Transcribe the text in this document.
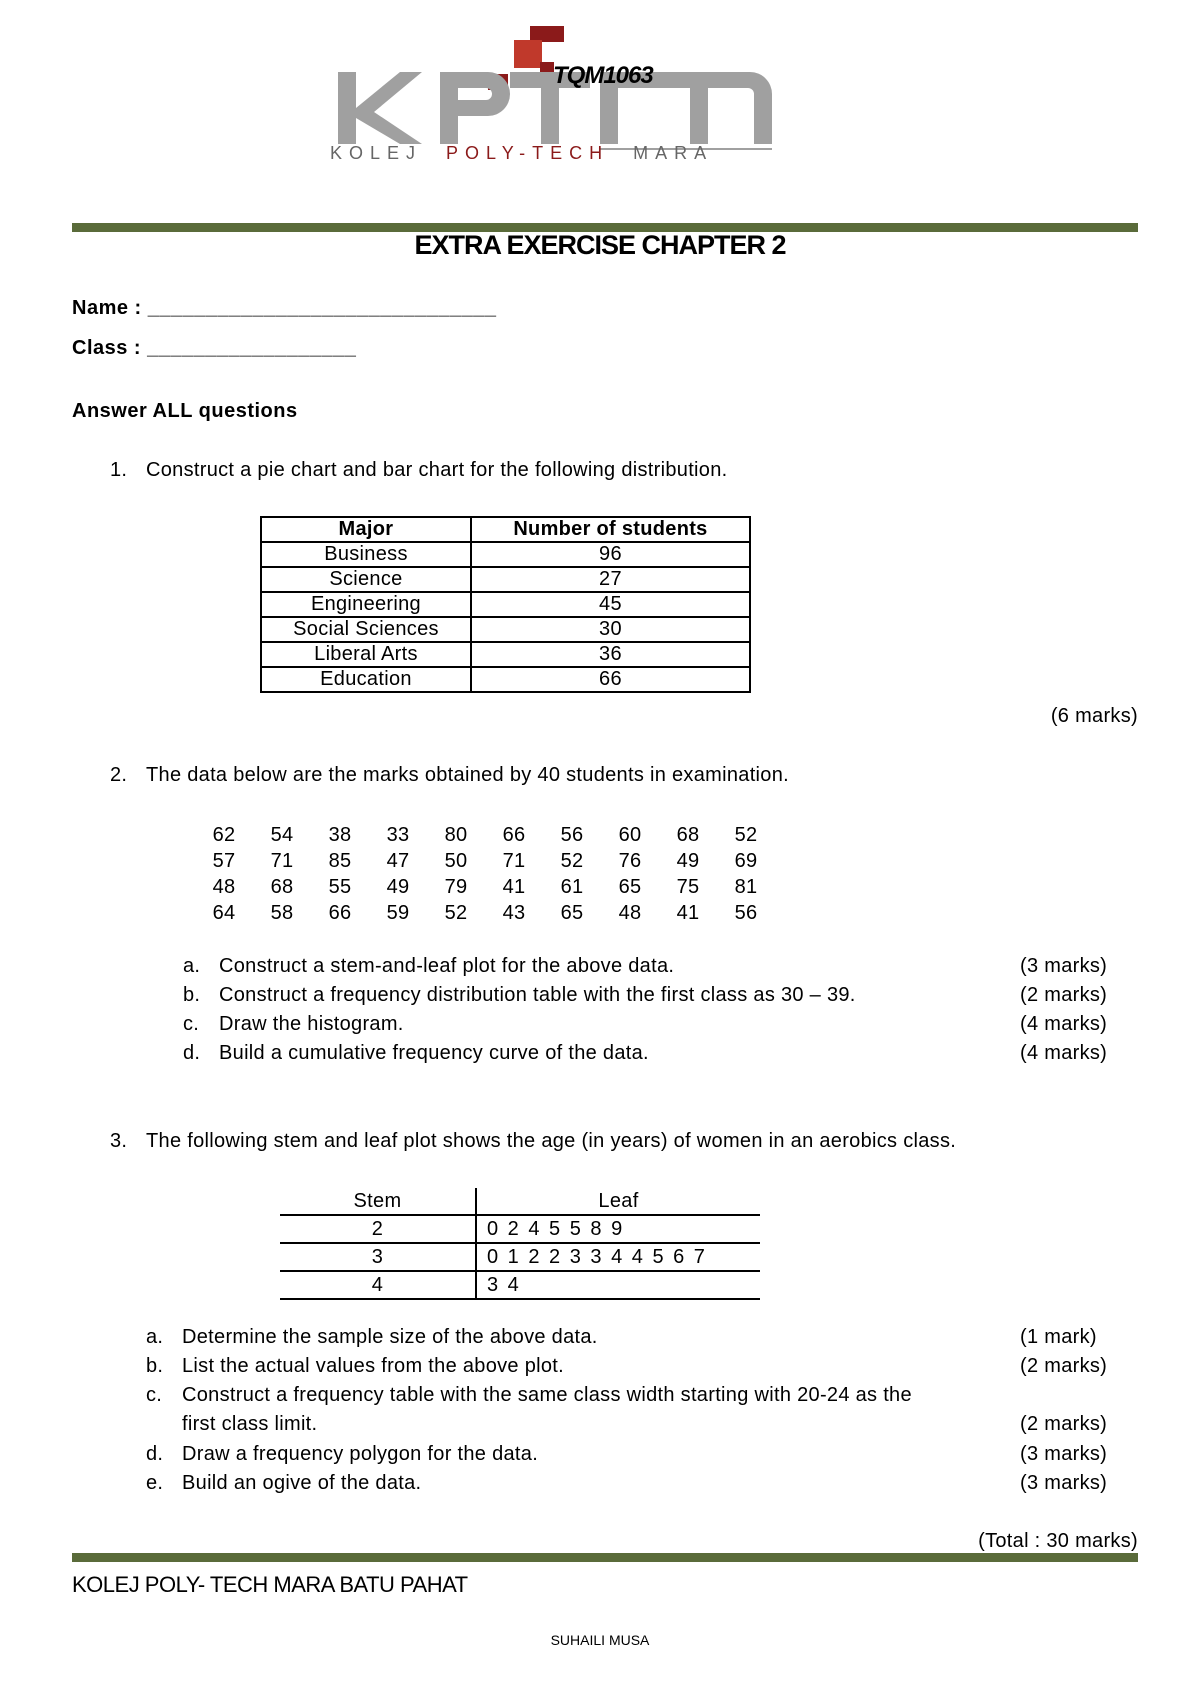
TQM1063
KOLEJ POLY-TECH MARA
EXTRA EXERCISE CHAPTER 2
Name : ______________________________
Class : __________________
Answer ALL questions
1. Construct a pie chart and bar chart for the following distribution.
Major	Number of students
Business	96
Science	27
Engineering	45
Social Sciences	30
Liberal Arts	36
Education	66
(6 marks)
2. The data below are the marks obtained by 40 students in examination.
62	54	38	33	80	66	56	60	68	52
57	71	85	47	50	71	52	76	49	69
48	68	55	49	79	41	61	65	75	81
64	58	66	59	52	43	65	48	41	56
a. Construct a stem-and-leaf plot for the above data.	(3 marks)
b. Construct a frequency distribution table with the first class as 30 – 39.	(2 marks)
c. Draw the histogram.	(4 marks)
d. Build a cumulative frequency curve of the data.	(4 marks)
3. The following stem and leaf plot shows the age (in years) of women in an aerobics class.
Stem	Leaf
2	0 2 4 5 5 8 9
3	0 1 2 2 3 3 4 4 5 6 7
4	3 4
a. Determine the sample size of the above data.	(1 mark)
b. List the actual values from the above plot.	(2 marks)
c. Construct a frequency table with the same class width starting with 20-24 as the
first class limit.	(2 marks)
d. Draw a frequency polygon for the data.	(3 marks)
e. Build an ogive of the data.	(3 marks)
(Total : 30 marks)
KOLEJ POLY- TECH MARA BATU PAHAT
SUHAILI MUSA
